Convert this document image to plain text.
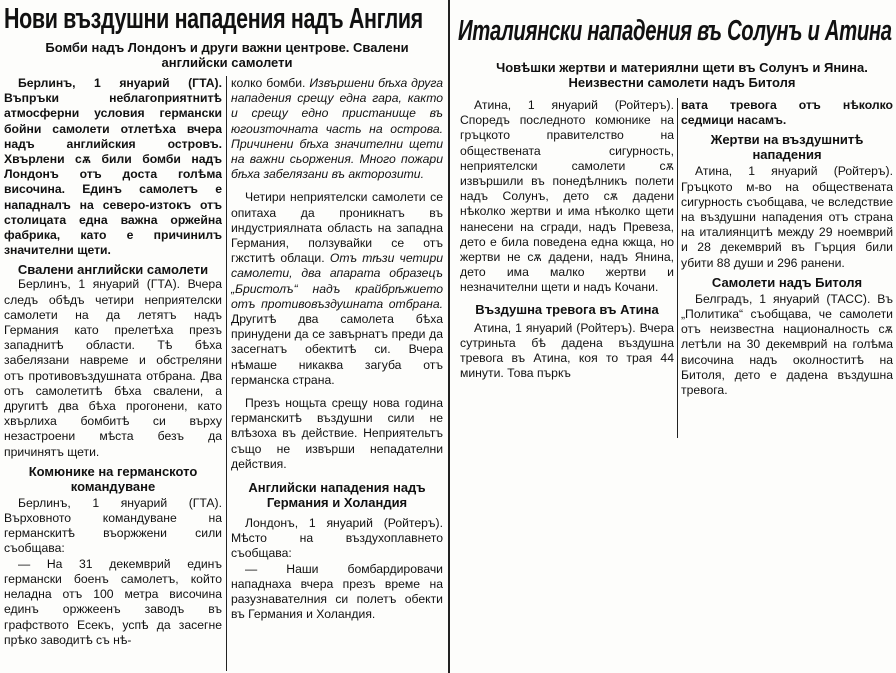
Нови въздушни нападения надъ Англия
Бомби надъ Лондонъ и други важни центрове. Свалени английски самолети

Берлинъ, 1 януарий (ГТА). Въпръки неблагоприятнитѣ атмосферни условия германски бойни самолети отлетѣха вчера надъ английския островъ. Хвърлени сѫ били бомби надъ Лондонъ отъ доста голѣма височина. Единъ самолетъ е нападналъ на северо-изтокъ отъ столицата една важна оржейна фабрика, като е причинилъ значителни щети.

Свалени английски самолети

Берлинъ, 1 януарий (ГТА). Вчера следъ обѣдъ четири неприятелски самолети на да летятъ надъ Германия като прелетѣха презъ западнитѣ области. Тѣ бѣха забелязани навреме и обстреляни отъ противовъздушната отбрана. Два отъ самолетитѣ бѣха свалени, а другитѣ два бѣха прогонени, като хвърлиха бомбитѣ си върху незастроени мѣста безъ да причинятъ щети.

Комюнике на германското командуване

Берлинъ, 1 януарий (ГТА). Върховното командуване на германскитѣ въоржжени сили съобщава:

— На 31 декемврий единъ германски боенъ самолетъ, който неладна отъ 100 метра височина единъ оржжеенъ заводъ въ графството Есекъ, успѣ да засегне прѣко заводитѣ съ нѣ-

колко бомби. Извършени бѣха друга нападения срещу една гара, както и срещу едно пристанище въ югоизточната часть на острова. Причинени бѣха значителни щети на важни сьоржения. Много пожари бѣха забелязани въ акторозити.

Четири неприятелски самолети се опитаха да проникнатъ въ индустриялната область на западна Германия, ползувайки се отъ гжститѣ облаци. Отъ тѣзи четири самолети, два апарата образецъ „Бристолъ“ надъ крайбрѣжието отъ противовъздушната отбрана. Другитѣ два самолета бѣха принудени да се завърнатъ преди да засегнатъ обектитѣ си. Вчера нѣмаше никаква загуба отъ германска страна.

Презъ нощьта срещу нова година германскитѣ въздушни сили не влѣзоха въ действие. Неприятельтъ също не извърши непадателни действия.

Английски нападения надъ Германия и Холандия

Лондонъ, 1 януарий (Ройтеръ). Мѣсто на въздухоплавнето съобщава:

— Наши бомбардировачи нападнаха вчера презъ време на разузнавателния си полетъ обекти въ Германия и Холандия.

Италиянски нападения въ Солунъ и Атина
Човѣшки жертви и материялни щети въ Солунъ и Янина. Неизвестни самолети надъ Битоля

Атина, 1 януарий (Ройтеръ). Споредъ последното комюнике на гръцкото правителство на обществената сигурность, неприятелски самолети сѫ извършили въ понедѣлникъ полети надъ Солунъ, дето сѫ дадени нѣколко жертви и има нѣколко щети нанесени на сгради, надъ Превеза, дето е била поведена една кжща, но жертви не сѫ дадени, надъ Янина, дето има малко жертви и незначителни щети и надъ Кочани.

Въздушна тревога въ Атина

Атина, 1 януарий (Ройтеръ). Вчера сутриньта бѣ дадена въздушна тревога въ Атина, коя то трая 44 минути. Това пъркъ

вата тревога отъ нѣколко седмици насамъ.

Жертви на въздушнитѣ нападения

Атина, 1 януарий (Ройтеръ). Гръцкото м-во на обществената сигурность съобщава, че вследствие на въздушни нападения отъ страна на италиянцитѣ между 29 ноемврий и 28 декемврий въ Гърция били убити 88 души и 296 ранени.

Самолети надъ Битоля

Белградъ, 1 януарий (ТАСС). Въ „Политика“ съобщава, че самолети отъ неизвестна националность сѫ летѣли на 30 декемврий на голѣма височина надъ околноститѣ на Битоля, дето е дадена въздушна тревога.
